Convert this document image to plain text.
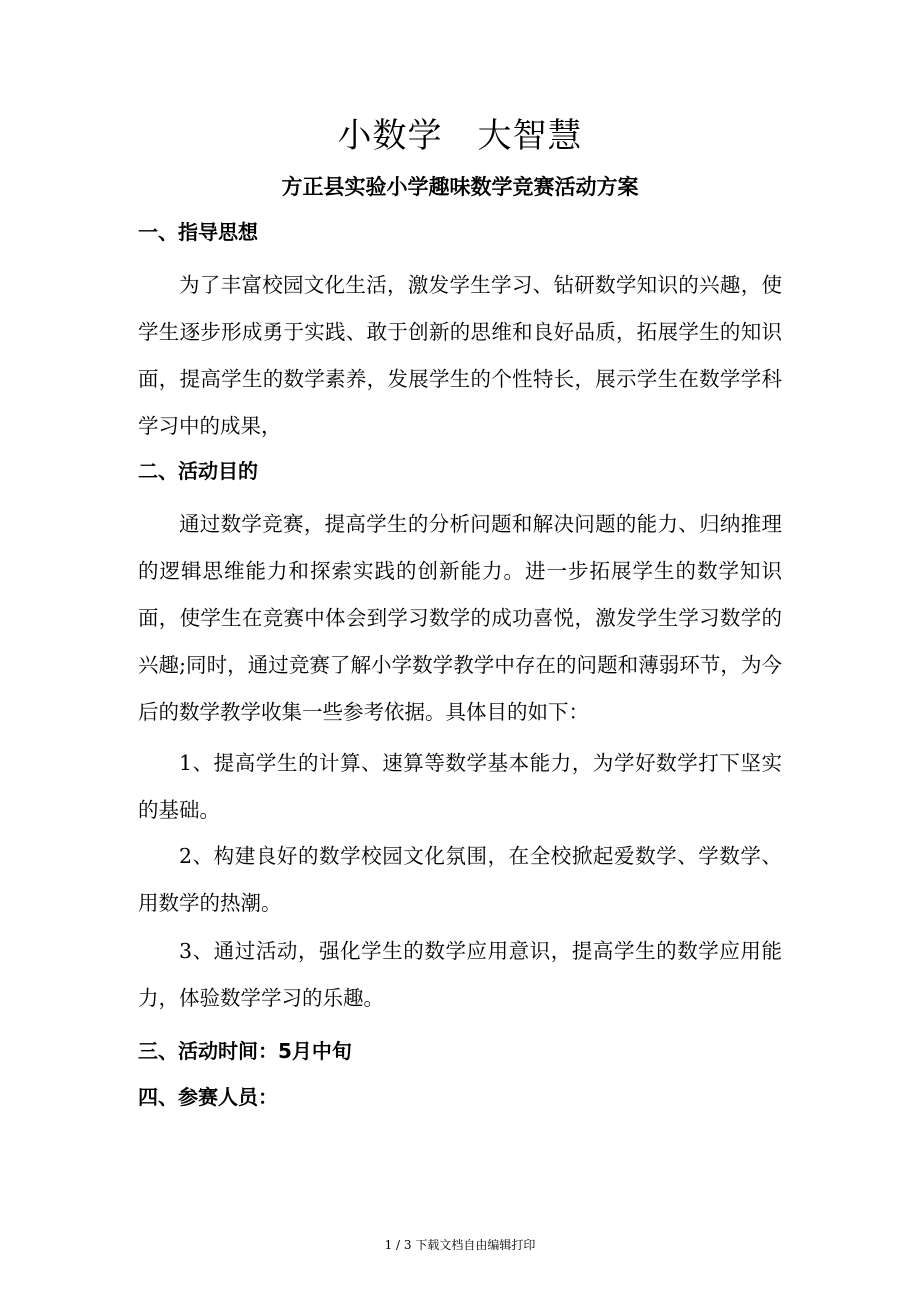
小数学　大智慧
方正县实验小学趣味数学竞赛活动方案
一、指导思想
为了丰富校园文化生活，激发学生学习、钻研数学知识的兴趣，使学生逐步形成勇于实践、敢于创新的思维和良好品质，拓展学生的知识面，提高学生的数学素养，发展学生的个性特长，展示学生在数学学科学习中的成果，
二、活动目的
通过数学竞赛，提高学生的分析问题和解决问题的能力、归纳推理的逻辑思维能力和探索实践的创新能力。进一步拓展学生的数学知识面，使学生在竞赛中体会到学习数学的成功喜悦，激发学生学习数学的兴趣;同时，通过竞赛了解小学数学教学中存在的问题和薄弱环节，为今后的数学教学收集一些参考依据。具体目的如下：
1、提高学生的计算、速算等数学基本能力，为学好数学打下坚实的基础。
2、构建良好的数学校园文化氛围，在全校掀起爱数学、学数学、用数学的热潮。
3、通过活动，强化学生的数学应用意识，提高学生的数学应用能力，体验数学学习的乐趣。
三、活动时间：5月中旬
四、参赛人员：
1 / 3 下载文档自由编辑打印
